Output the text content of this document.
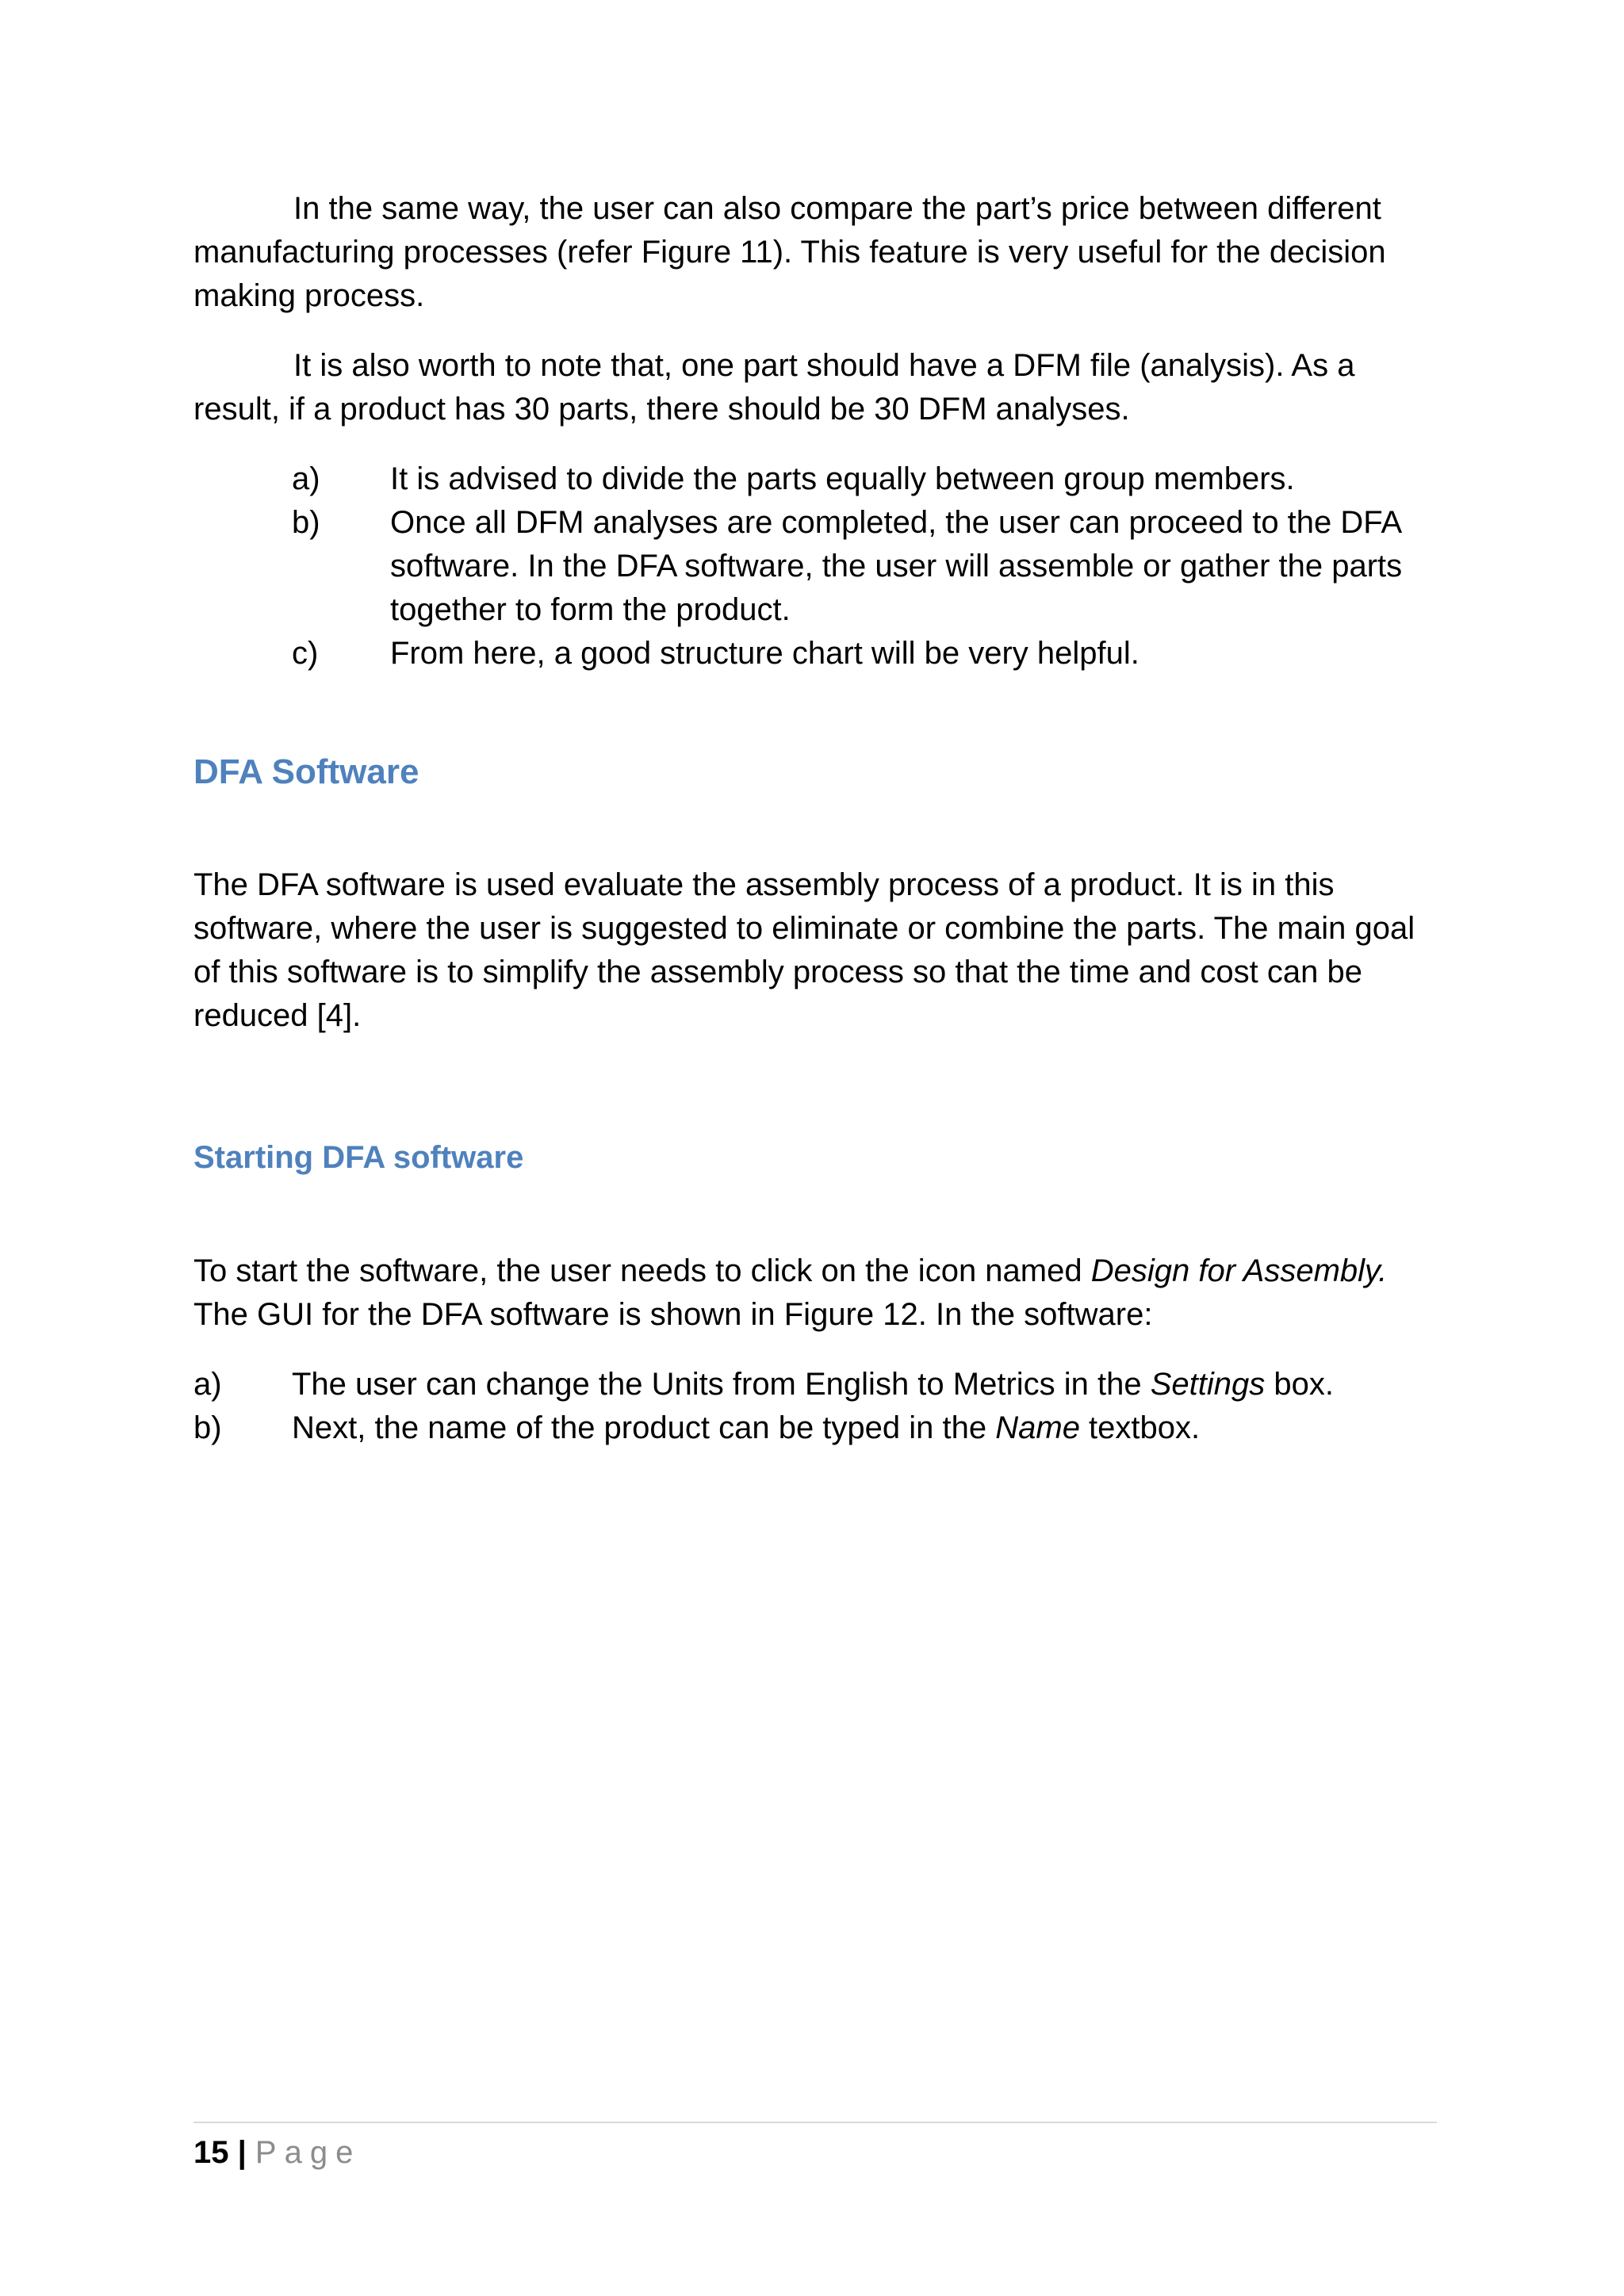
In the same way, the user can also compare the part’s price between different manufacturing processes (refer Figure 11). This feature is very useful for the decision making process.

It is also worth to note that, one part should have a DFM file (analysis). As a result, if a product has 30 parts, there should be 30 DFM analyses.

a)	It is advised to divide the parts equally between group members.
b)	Once all DFM analyses are completed, the user can proceed to the DFA software. In the DFA software, the user will assemble or gather the parts together to form the product.
c)	From here, a good structure chart will be very helpful.
DFA Software

The DFA software is used evaluate the assembly process of a product. It is in this software, where the user is suggested to eliminate or combine the parts. The main goal of this software is to simplify the assembly process so that the time and cost can be reduced [4].

Starting DFA software

To start the software, the user needs to click on the icon named Design for Assembly. The GUI for the DFA software is shown in Figure 12. In the software:

a)	The user can change the Units from English to Metrics in the Settings box.
b)	Next, the name of the product can be typed in the Name textbox.
15 | Page
